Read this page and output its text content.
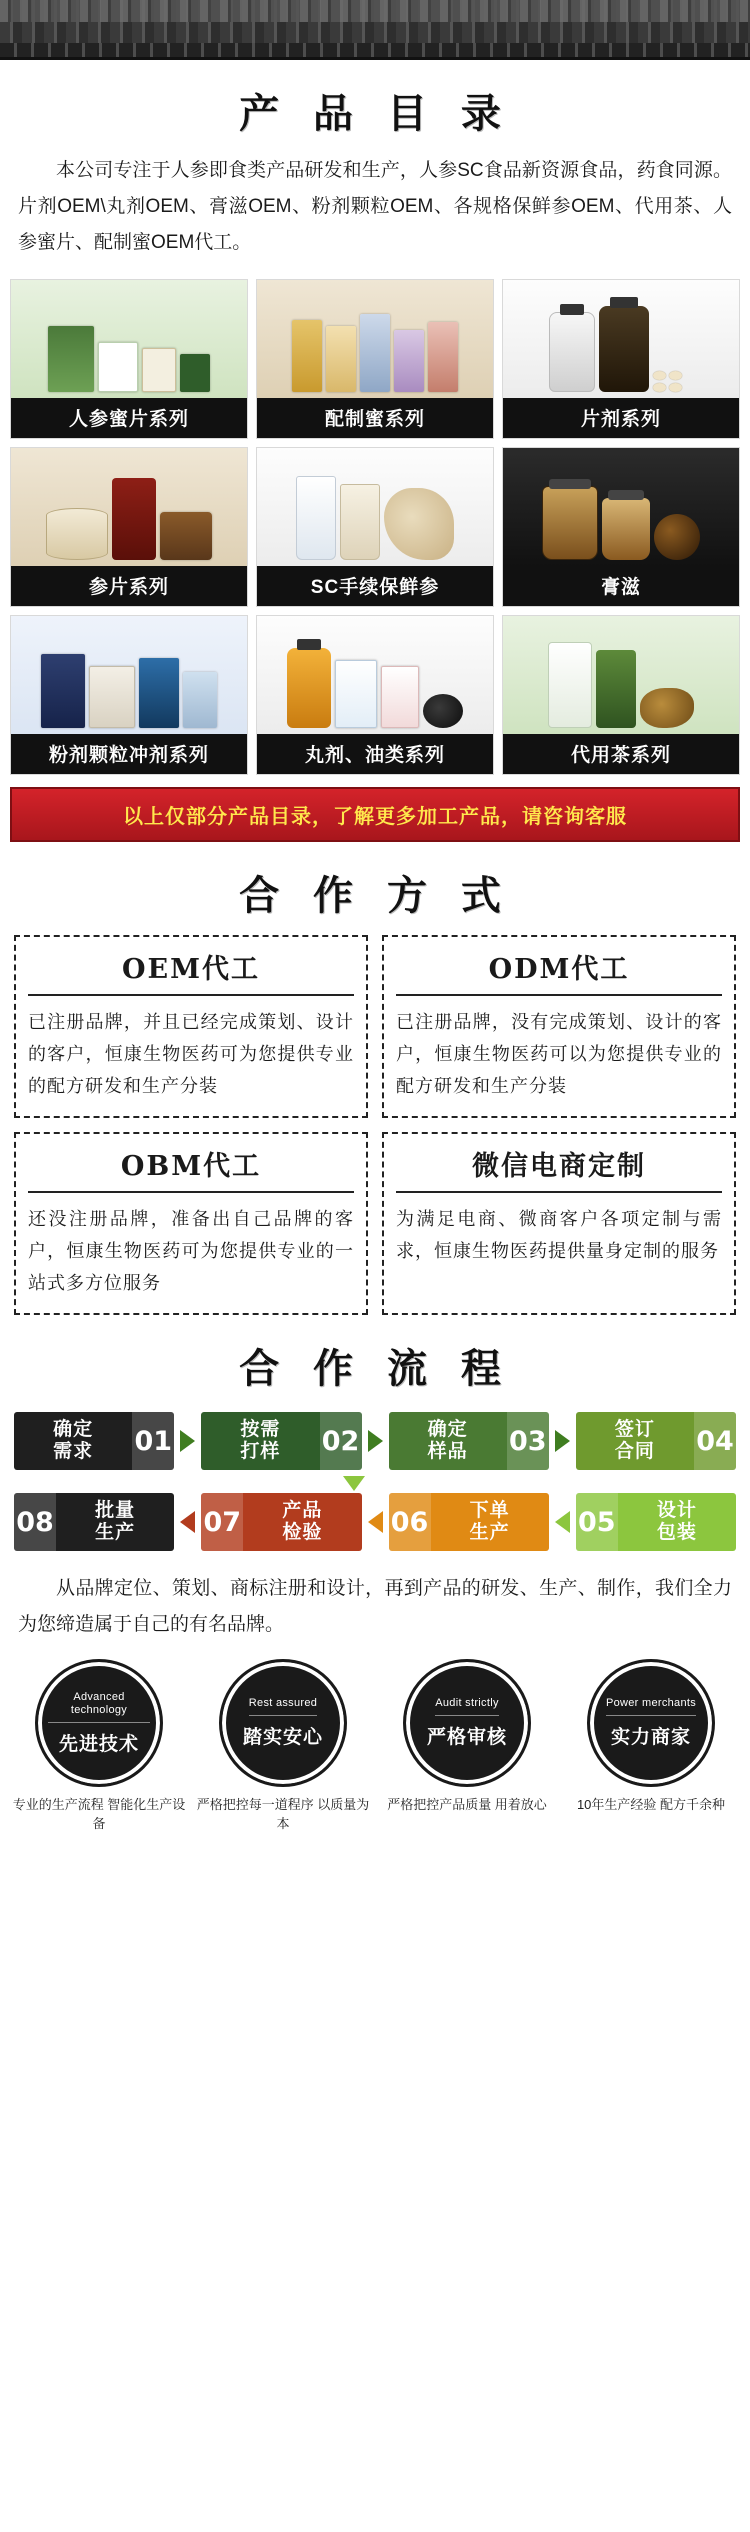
产 品 目 录
本公司专注于人参即食类产品研发和生产，人参SC食品新资源食品，药食同源。片剂OEM\丸剂OEM、膏滋OEM、粉剂颗粒OEM、各规格保鲜参OEM、代用茶、人参蜜片、配制蜜OEM代工。
人参蜜片系列	配制蜜系列	片剂系列
参片系列	SC手续保鲜参	膏滋
粉剂颗粒冲剂系列	丸剂、油类系列	代用茶系列
以上仅部分产品目录，了解更多加工产品，请咨询客服
合 作 方 式
OEM代工

已注册品牌，并且已经完成策划、设计的客户，恒康生物医药可为您提供专业的配方研发和生产分装

ODM代工

已注册品牌，没有完成策划、设计的客户，恒康生物医药可以为您提供专业的配方研发和生产分装

OBM代工

还没注册品牌，准备出自己品牌的客户，恒康生物医药可为您提供专业的一站式多方位服务

微信电商定制

为满足电商、微商客户各项定制与需求，恒康生物医药提供量身定制的服务

合 作 流 程
确定
需求 01	按需
打样 02	确定
样品 03	签订
合同 04
08 批量
生产	07 产品
检验	06 下单
生产	05 设计
包装
从品牌定位、策划、商标注册和设计，再到产品的研发、生产、制作，我们全力为您缔造属于自己的有名品牌。
Advanced technology
先进技术
专业的生产流程 智能化生产设备
Rest assured
踏实安心
严格把控每一道程序 以质量为本
Audit strictly
严格审核
严格把控产品质量 用着放心
Power merchants
实力商家
10年生产经验 配方千余种
